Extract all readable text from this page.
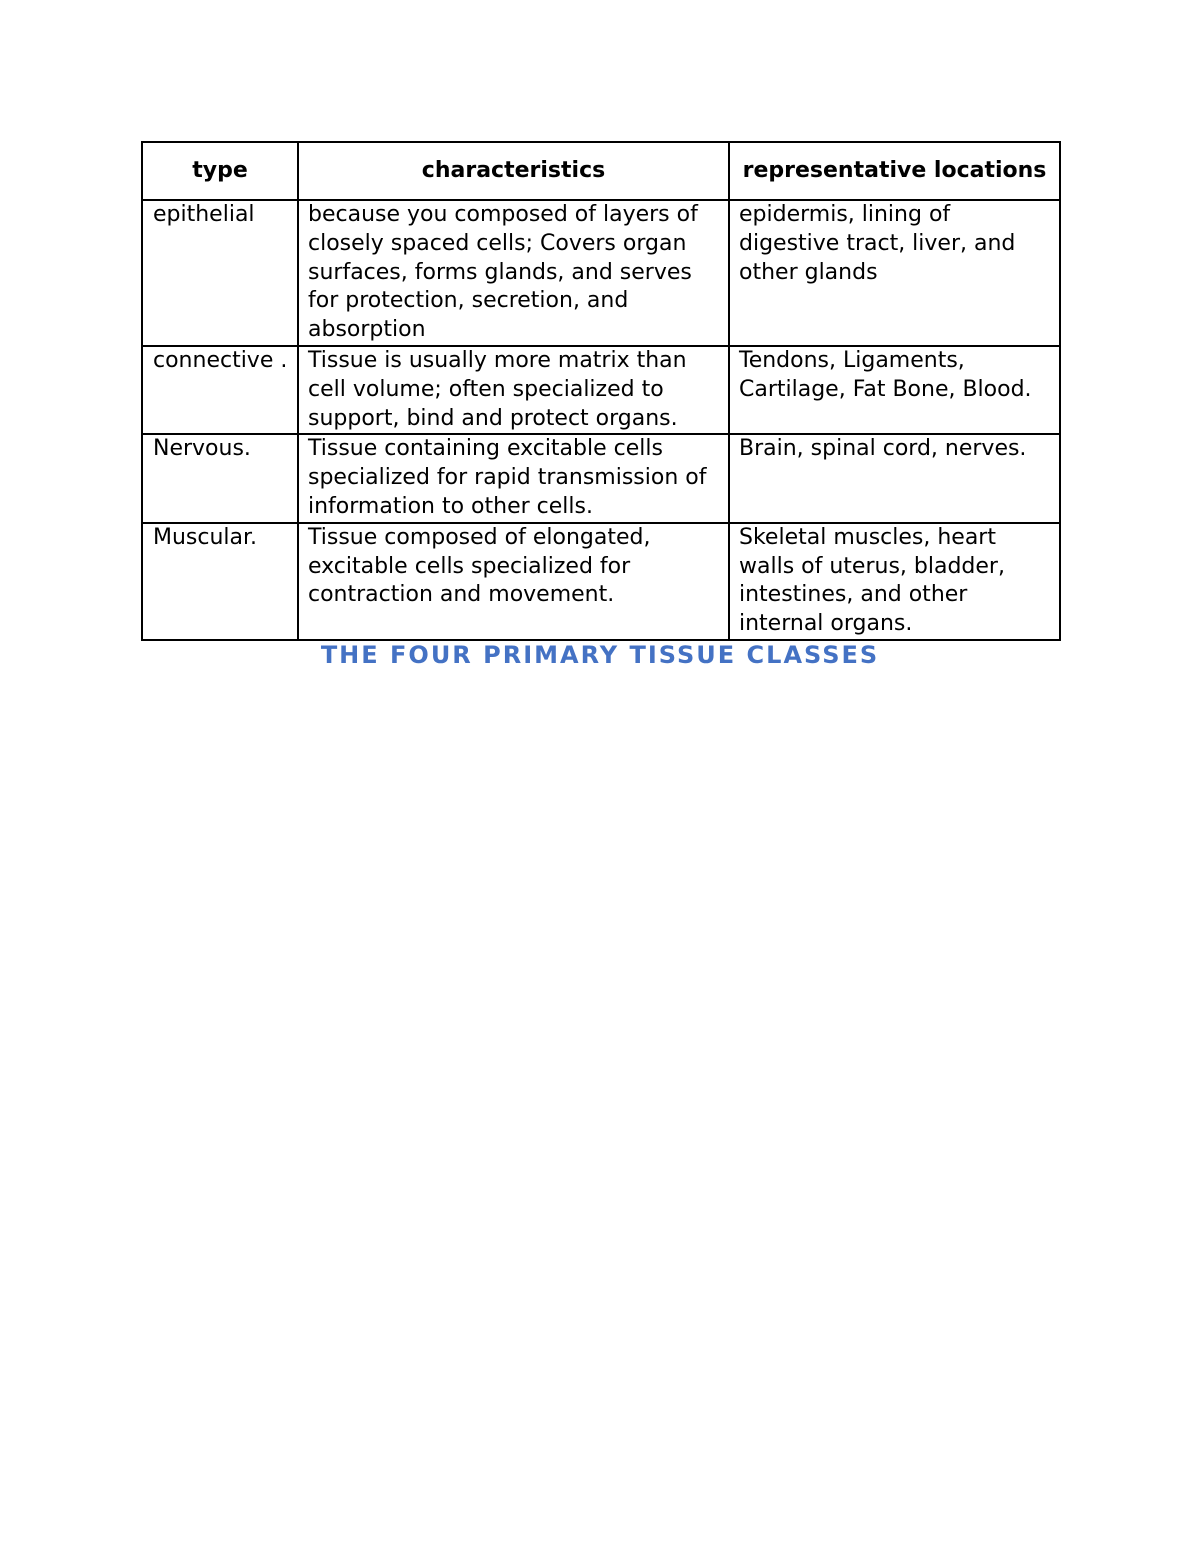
type	characteristics	representative locations
epithelial	because you composed of layers of closely spaced cells; Covers organ surfaces, forms glands, and serves for protection, secretion, and absorption	epidermis, lining of digestive tract, liver, and other glands
connective .	Tissue is usually more matrix than cell volume; often specialized to support, bind and protect organs.	Tendons, Ligaments, Cartilage, Fat Bone, Blood.
Nervous.	Tissue containing excitable cells specialized for rapid transmission of information to other cells.	Brain, spinal cord, nerves.
Muscular.	Tissue composed of elongated, excitable cells specialized for contraction and movement.	Skeletal muscles, heart walls of uterus, bladder, intestines, and other internal organs.
THE FOUR PRIMARY TISSUE CLASSES
